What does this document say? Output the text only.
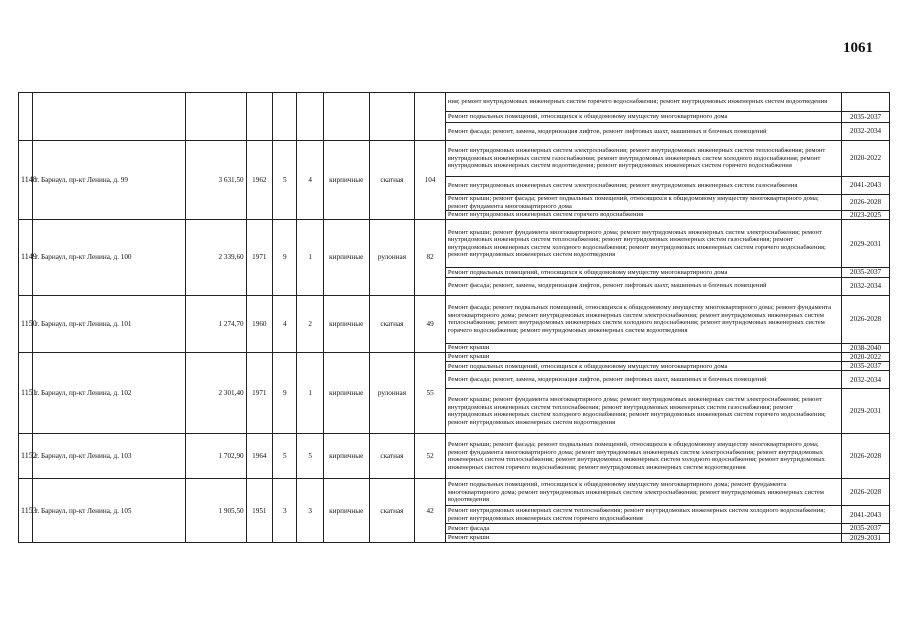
1061
									ния; ремонт внутридомовых инженерных систем горячего водоснабжения; ремонт внутридомовых инженерных систем водоотведения	
									Ремонт подвальных помещений, относящихся к общедомовому имуществу многоквартирного дома	2035-2037
									Ремонт фасада; ремонт, замена, модернизация лифтов, ремонт лифтовых шахт, машинных и блочных помещений	2032-2034
1148	г. Барнаул, пр-кт Ленина, д. 99	3 631,50	1962	5	4	кирпичные	скатная	104	Ремонт внутридомовых инженерных систем электроснабжения; ремонт внутридомовых инженерных систем теплоснабжения; ремонт внутридомовых инженерных систем газоснабжения; ремонт внутридомовых инженерных систем холодного водоснабжения; ремонт внутридомовых инженерных систем водоотведения; ремонт внутридомовых инженерных систем горячего водоснабжения	2020-2022
									Ремонт внутридомовых инженерных систем электроснабжения; ремонт внутридомовых инженерных систем газоснабжения	2041-2043
									Ремонт крыши; ремонт фасада; ремонт подвальных помещений, относящихся к общедомовому имуществу многоквартирного дома; ремонт фундамента многоквартирного дома	2026-2028
									Ремонт внутридомовых инженерных систем горячего водоснабжения	2023-2025
1149	г. Барнаул, пр-кт Ленина, д. 100	2 339,60	1971	9	1	кирпичные	рулонная	82	Ремонт крыши; ремонт фундамента многоквартирного дома; ремонт внутридомовых инженерных систем электроснабжения; ремонт внутридомовых инженерных систем теплоснабжения; ремонт внутридомовых инженерных систем газоснабжения; ремонт внутридомовых инженерных систем холодного водоснабжения; ремонт внутридомовых инженерных систем горячего водоснабжения; ремонт внутридомовых инженерных систем водоотведения	2029-2031
									Ремонт подвальных помещений, относящихся к общедомовому имуществу многоквартирного дома	2035-2037
									Ремонт фасада; ремонт, замена, модернизация лифтов, ремонт лифтовых шахт, машинных и блочных помещений	2032-2034
1150	г. Барнаул, пр-кт Ленина, д. 101	1 274,70	1960	4	2	кирпичные	скатная	49	Ремонт фасада; ремонт подвальных помещений, относящихся к общедомовому имуществу многоквартирного дома; ремонт фундамента многоквартирного дома; ремонт внутридомовых инженерных систем электроснабжения; ремонт внутридомовых инженерных систем теплоснабжения; ремонт внутридомовых инженерных систем холодного водоснабжения; ремонт внутридомовых инженерных систем горячего водоснабжения; ремонт внутридомовых инженерных систем водоотведения	2026-2028
									Ремонт крыши	2038-2040
1151	г. Барнаул, пр-кт Ленина, д. 102	2 301,40	1971	9	1	кирпичные	рулонная	55	Ремонт крыши	2020-2022
									Ремонт подвальных помещений, относящихся к общедомовому имуществу многоквартирного дома	2035-2037
									Ремонт фасада; ремонт, замена, модернизация лифтов, ремонт лифтовых шахт, машинных и блочных помещений	2032-2034
									Ремонт крыши; ремонт фундамента многоквартирного дома; ремонт внутридомовых инженерных систем электроснабжения; ремонт внутридомовых инженерных систем теплоснабжения; ремонт внутридомовых инженерных систем газоснабжения; ремонт внутридомовых инженерных систем холодного водоснабжения; ремонт внутридомовых инженерных систем горячего водоснабжения; ремонт внутридомовых инженерных систем водоотведения	2029-2031
1152	г. Барнаул, пр-кт Ленина, д. 103	1 702,90	1964	5	5	кирпичные	скатная	52	Ремонт крыши; ремонт фасада; ремонт подвальных помещений, относящихся к общедомовому имуществу многоквартирного дома; ремонт фундамента многоквартирного дома; ремонт внутридомовых инженерных систем электроснабжения; ремонт внутридомовых инженерных систем теплоснабжения; ремонт внутридомовых инженерных систем холодного водоснабжения; ремонт внутридомовых инженерных систем горячего водоснабжения; ремонт внутридомовых инженерных систем водоотведения	2026-2028
1153	г. Барнаул, пр-кт Ленина, д. 105	1 905,50	1951	3	3	кирпичные	скатная	42	Ремонт подвальных помещений, относящихся к общедомовому имуществу многоквартирного дома; ремонт фундамента многоквартирного дома; ремонт внутридомовых инженерных систем электроснабжения; ремонт внутридомовых инженерных систем водоотведения	2026-2028
									Ремонт внутридомовых инженерных систем теплоснабжения; ремонт внутридомовых инженерных систем холодного водоснабжения; ремонт внутридомовых инженерных систем горячего водоснабжения	2041-2043
									Ремонт фасада	2035-2037
									Ремонт крыши	2029-2031
